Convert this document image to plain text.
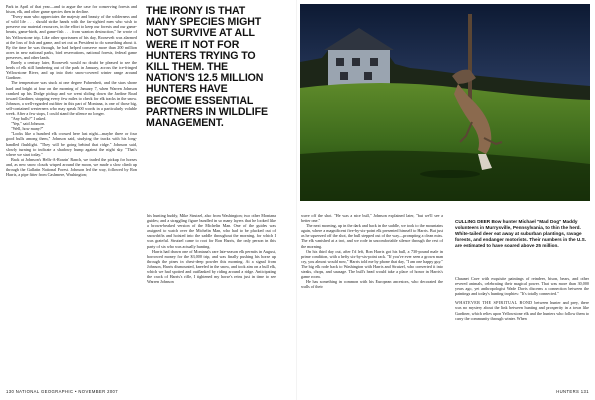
Park in April of that year—and to argue the case for conserving forests and bison, elk, and other game species then in decline.

"Every man who appreciates the majesty and beauty of the wilderness and of wild life . . . should strike hands with the far-sighted men who wish to preserve our material resources, in the effort to keep our forests and our game-beasts, game-birds, and game-fish . . . from wanton destruction," he wrote of his Yellowstone trip. Like other sportsmen of his day, Roosevelt was alarmed at the loss of fish and game, and set out as President to do something about it. By the time he was through, he had helped conserve more than 200 million acres in new national parks, bird reservations, national forests, federal game preserves, and other lands.

Barely a century later, Roosevelt would no doubt be pleased to see the herds of elk still lumbering out of the park in January, across the ice-fringed Yellowstone River, and up into their snow-covered winter range around Gardiner.

The temperature was stuck at one degree Fahrenheit, and the stars shone hard and bright at four on the morning of January 7, when Warren Johnson cranked up his Dodge pickup and we went sliding down the Jardine Road toward Gardiner, stopping every few miles to check for elk tracks in the snow. Johnson, a well-regarded outfitter in this part of Montana, is one of those big, self-contained westerners who may speak 500 words in a particularly voluble week. After a few stops, I could stand the silence no longer.

"Any bulls?" I asked.

"Yep," said Johnson.

"Well, how many?"

"Looks like a hundred elk crossed here last night—maybe three or four good bulls among them," Johnson said, studying the tracks with his long-handled flashlight. "They will be going behind that ridge." Johnson said, slowly turning to indicate a shadowy hump against the night sky. "That's where we start today."

Back at Johnson's Hells-A-Roarin' Ranch, we traded the pickup for horses and, as new snow clouds wisped around the moon, we made a slow climb up through the Gallatin National Forest. Johnson led the way, followed by Ron Harris, a pipe fitter from Cashmere, Washington;

THE IRONY IS THAT MANY SPECIES MIGHT NOT SURVIVE AT ALL WERE IT NOT FOR HUNTERS TRYING TO KILL THEM. THE NATION'S 12.5 MILLION HUNTERS HAVE BECOME ESSENTIAL PARTNERS IN WILDLIFE MANAGEMENT.

his hunting buddy, Mike Strutzel, also from Washington; two other Montana guides; and a straggling figure bundled in so many layers that he looked like a brown-beaked version of the Michelin Man. One of the guides was assigned to watch over the Michelin Man, who had to be plucked out of snowdrifts and hoisted into the saddle throughout the morning, for which I was grateful. Strutzel came to root for Ron Harris, the only person in this party of six who was actually hunting.

Harris had drawn one of Montana's rare late-season elk permits in August, borrowed money for the $3,000 trip, and was finally pushing his horse up through the pines in chest-deep powder this morning. At a signal from Johnson, Harris dismounted, kneeled in the snow, and took aim on a bull elk, which we had spotted and outflanked by riding around a ridge. Anticipating the crack of Harris's rifle, I tightened my horse's reins just in time to see Warren Johnson

wave off the shot. "He was a nice bull," Johnson explained later, "but we'll see a better one."

The next morning, up in the dark and back in the saddle, we took to the mountains again, where a magnificent five-by-six-point elk presented himself to Harris. But just as he squeezed off the shot, the bull stepped out of the way—prompting a clean miss. The elk vanished at a trot, and we rode in uncomfortable silence through the rest of the morning.

On his third day out, after I'd left, Ron Harris got his bull, a 730-pound male in prime condition, with a hefty six-by-six-point rack. "If you've ever seen a grown man cry, you almost would now," Harris told me by phone that day, "I am one happy guy." The big elk rode back to Washington with Harris and Strutzel, who converted it into steaks, chops, and sausage. The bull's head would take a place of honor in Harris's game room.

He has something in common with his European ancestors, who decorated the walls of their

CULLING DEER Bow hunter Michael "Mad Dog" Maddy volunteers in Murrysville, Pennsylvania, to thin the herd. White-tailed deer eat away at suburban plantings, ravage forests, and endanger motorists. Their numbers in the U.S. are estimated to have soared above 25 million.

Chaunet Cave with exquisite paintings of reindeer, bison, bears, and other revered animals, celebrating their magical power. That was more than 30,000 years ago, yet anthropologist Wade Davis discerns a connection between the paintings and today's hunting trophies: "It's totally connected."

WHATEVER THE SPIRITUAL BOND between hunter and prey, there was no mystery about the link between hunting and prosperity in a town like Gardiner, which relies upon Yellowstone elk and the hunters who follow them to carry the community through winter. When

130 NATIONAL GEOGRAPHIC • NOVEMBER 2007	HUNTERS 131
